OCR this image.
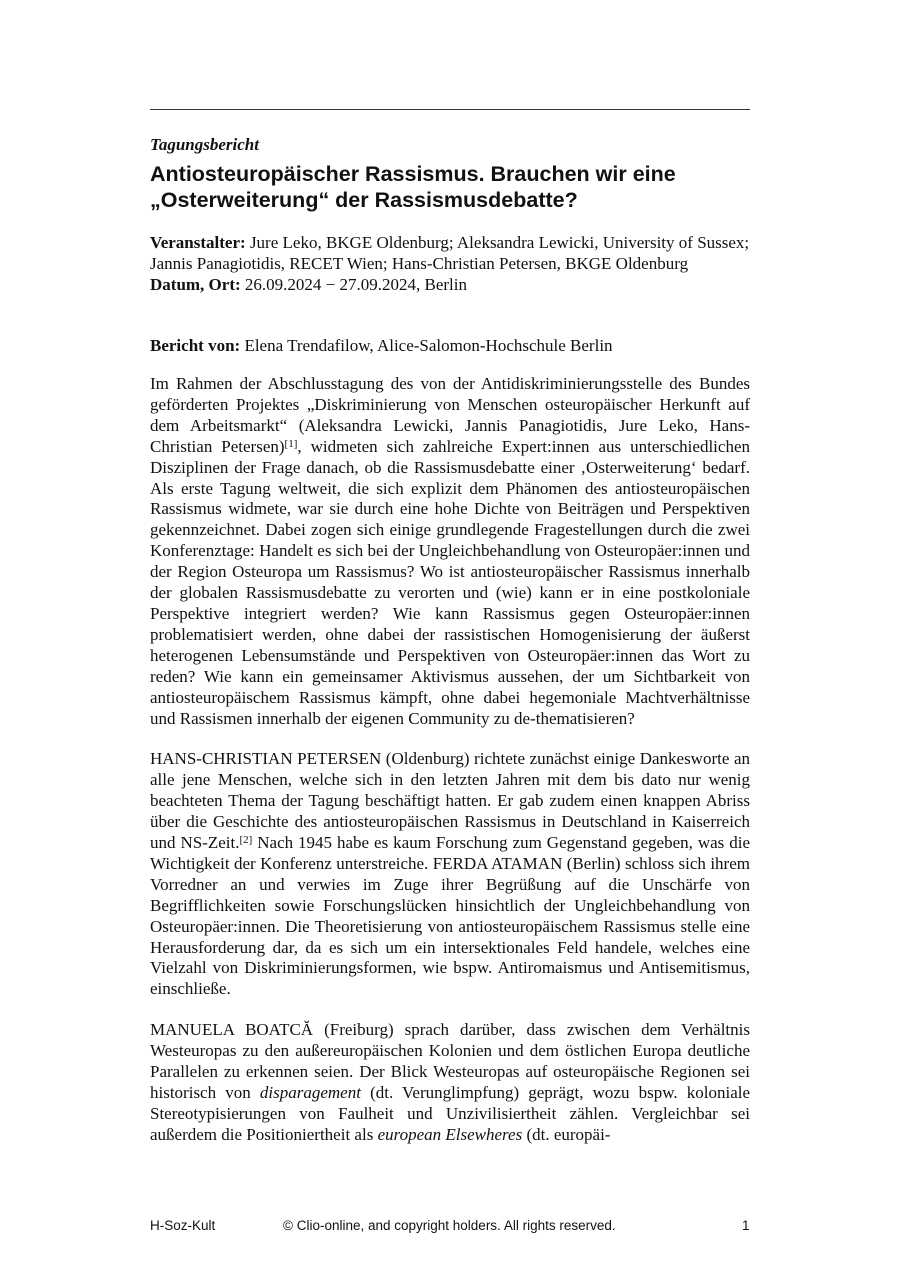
Tagungsbericht

Antiosteuropäischer Rassismus. Brauchen wir eine
„Osterweiterung“ der Rassismusdebatte?
Veranstalter: Jure Leko, BKGE Oldenburg; Aleksandra Lewicki, University of Sussex; Jannis Panagiotidis, RECET Wien; Hans-Christian Petersen, BKGE Oldenburg
Datum, Ort: 26.09.2024 − 27.09.2024, Berlin
Bericht von: Elena Trendafilow, Alice-Salomon-Hochschule Berlin

Im Rahmen der Abschlusstagung des von der Antidiskriminierungsstelle des Bundes geförderten Projektes „Diskriminierung von Menschen osteuropäischer Herkunft auf dem Arbeitsmarkt“ (Aleksandra Lewicki, Jannis Panagiotidis, Jure Leko, Hans-Christian Petersen)[1], widmeten sich zahlreiche Expert:innen aus unterschiedlichen Disziplinen der Frage danach, ob die Rassismusdebatte einer ‚Osterweiterung‘ bedarf. Als erste Tagung weltweit, die sich explizit dem Phänomen des antiosteuropäischen Rassismus widmete, war sie durch eine hohe Dichte von Beiträgen und Perspektiven gekennzeichnet. Dabei zogen sich einige grundlegende Fragestellungen durch die zwei Konferenztage: Handelt es sich bei der Ungleichbehandlung von Osteuropäer:innen und der Region Osteuropa um Rassismus? Wo ist antiosteuropäischer Rassismus innerhalb der globalen Rassismusdebatte zu verorten und (wie) kann er in eine postkoloniale Perspektive integriert werden? Wie kann Rassismus gegen Osteuropäer:innen problematisiert werden, ohne dabei der rassistischen Homogenisierung der äußerst heterogenen Lebensumstände und Perspektiven von Osteuropäer:innen das Wort zu reden? Wie kann ein gemeinsamer Aktivismus aussehen, der um Sichtbarkeit von antiosteuropäischem Rassismus kämpft, ohne dabei hegemoniale Machtverhältnisse und Rassismen innerhalb der eigenen Community zu de-thematisieren?

HANS-CHRISTIAN PETERSEN (Oldenburg) richtete zunächst einige Dankesworte an alle jene Menschen, welche sich in den letzten Jahren mit dem bis dato nur wenig beachteten Thema der Tagung beschäftigt hatten. Er gab zudem einen knappen Abriss über die Geschichte des antiosteuropäischen Rassismus in Deutschland in Kaiserreich und NS-Zeit.[2] Nach 1945 habe es kaum Forschung zum Gegenstand gegeben, was die Wichtigkeit der Konferenz unterstreiche. FERDA ATAMAN (Berlin) schloss sich ihrem Vorredner an und verwies im Zuge ihrer Begrüßung auf die Unschärfe von Begrifflichkeiten sowie Forschungslücken hinsichtlich der Ungleichbehandlung von Osteuropäer:innen. Die Theoretisierung von antiosteuropäischem Rassismus stelle eine Herausforderung dar, da es sich um ein intersektionales Feld handele, welches eine Vielzahl von Diskriminierungsformen, wie bspw. Antiromaismus und Antisemitismus, einschließe.

MANUELA BOATCĂ (Freiburg) sprach darüber, dass zwischen dem Verhältnis Westeuropas zu den außereuropäischen Kolonien und dem östlichen Europa deutliche Parallelen zu erkennen seien. Der Blick Westeuropas auf osteuropäische Regionen sei historisch von disparagement (dt. Verunglimpfung) geprägt, wozu bspw. koloniale Stereotypisierungen von Faulheit und Unzivilisiertheit zählen. Vergleichbar sei außerdem die Positioniertheit als european Elsewheres (dt. europäi-

H-Soz-Kult	© Clio-online, and copyright holders. All rights reserved.	1
